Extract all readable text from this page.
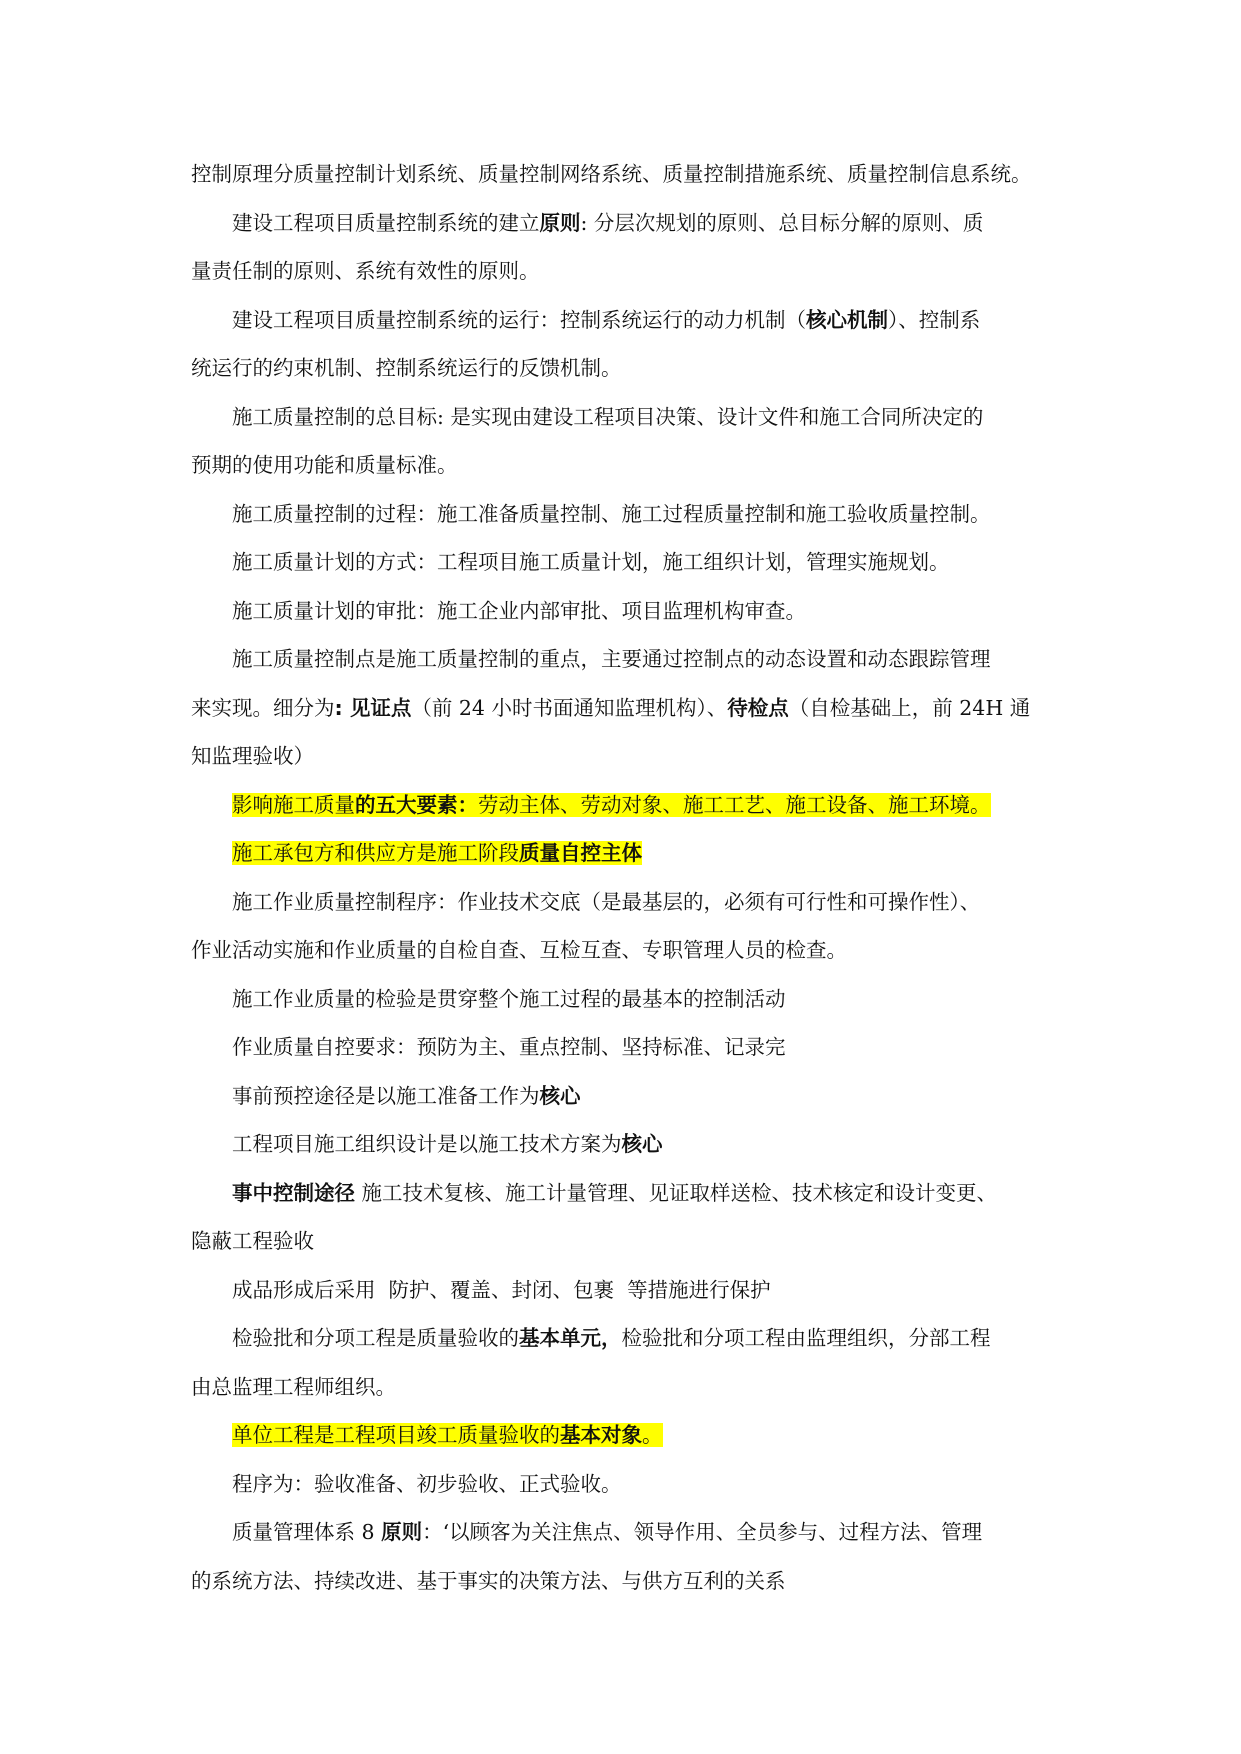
控制原理分质量控制计划系统、质量控制网络系统、质量控制措施系统、质量控制信息系统。

建设工程项目质量控制系统的建立原则: 分层次规划的原则、总目标分解的原则、质
量责任制的原则、系统有效性的原则。

建设工程项目质量控制系统的运行：控制系统运行的动力机制（核心机制）、控制系
统运行的约束机制、控制系统运行的反馈机制。

施工质量控制的总目标: 是实现由建设工程项目决策、设计文件和施工合同所决定的
预期的使用功能和质量标准。

施工质量控制的过程：施工准备质量控制、施工过程质量控制和施工验收质量控制。

施工质量计划的方式：工程项目施工质量计划，施工组织计划，管理实施规划。

施工质量计划的审批：施工企业内部审批、项目监理机构审查。

施工质量控制点是施工质量控制的重点，主要通过控制点的动态设置和动态跟踪管理
来实现。细分为: 见证点（前 24 小时书面通知监理机构）、待检点（自检基础上，前 24H 通
知监理验收）

影响施工质量的五大要素：劳动主体、劳动对象、施工工艺、施工设备、施工环境。

施工承包方和供应方是施工阶段质量自控主体

施工作业质量控制程序：作业技术交底（是最基层的，必须有可行性和可操作性）、
作业活动实施和作业质量的自检自查、互检互查、专职管理人员的检查。

施工作业质量的检验是贯穿整个施工过程的最基本的控制活动

作业质量自控要求：预防为主、重点控制、坚持标准、记录完

事前预控途径是以施工准备工作为核心

工程项目施工组织设计是以施工技术方案为核心

事中控制途径 施工技术复核、施工计量管理、见证取样送检、技术核定和设计变更、
隐蔽工程验收

成品形成后采用  防护、覆盖、封闭、包裹  等措施进行保护

检验批和分项工程是质量验收的基本单元，检验批和分项工程由监理组织，分部工程
由总监理工程师组织。

单位工程是工程项目竣工质量验收的基本对象。

程序为：验收准备、初步验收、正式验收。

质量管理体系 8 原则：‘以顾客为关注焦点、领导作用、全员参与、过程方法、管理
的系统方法、持续改进、基于事实的决策方法、与供方互利的关系
